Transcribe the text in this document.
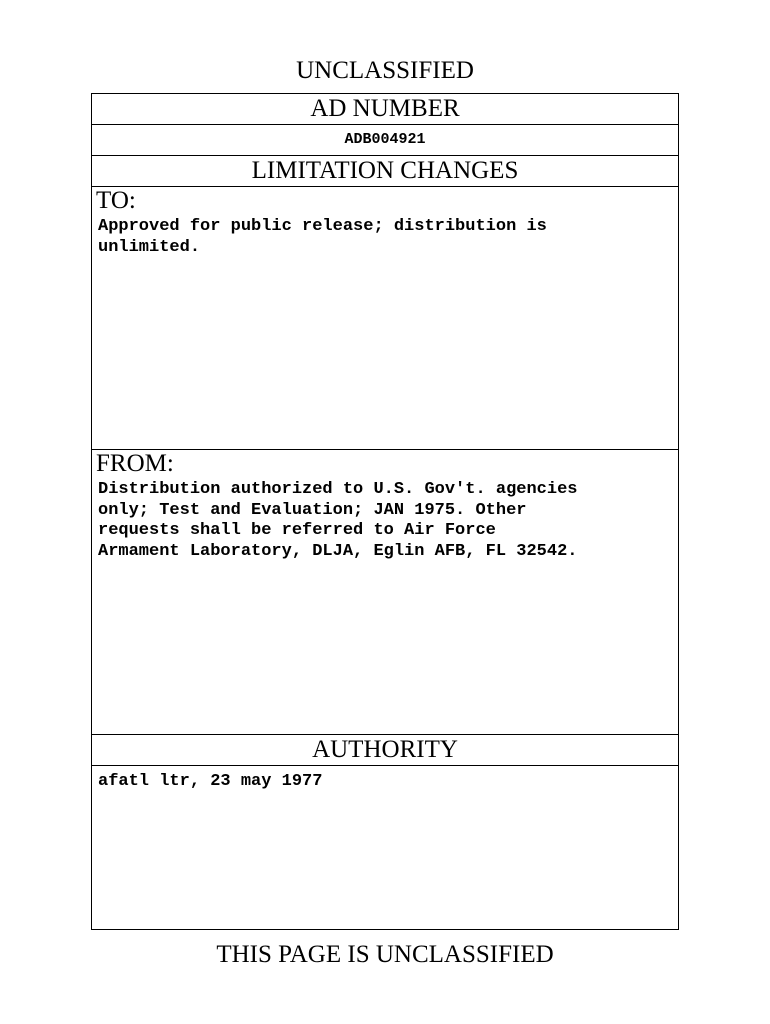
UNCLASSIFIED
AD NUMBER
ADB004921
LIMITATION CHANGES
TO:
Approved for public release; distribution is
unlimited.
FROM:
Distribution authorized to U.S. Gov't. agencies
only; Test and Evaluation; JAN 1975. Other
requests shall be referred to Air Force
Armament Laboratory, DLJA, Eglin AFB, FL 32542.
AUTHORITY
afatl ltr, 23 may 1977
THIS PAGE IS UNCLASSIFIED
